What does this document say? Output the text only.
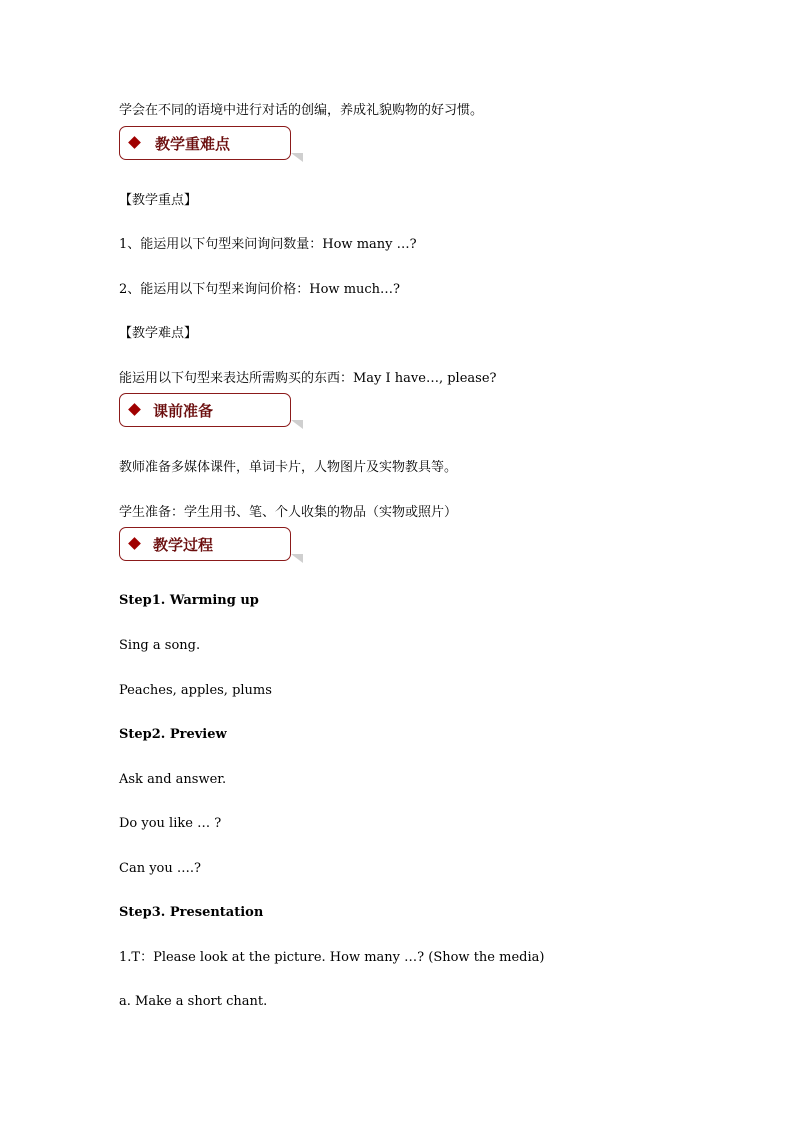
学会在不同的语境中进行对话的创编，养成礼貌购物的好习惯。
教学重难点
【教学重点】
1、能运用以下句型来问询问数量：How many …?
2、能运用以下句型来询问价格：How much…?
【教学难点】
能运用以下句型来表达所需购买的东西：May I have…, please?
课前准备
教师准备多媒体课件，单词卡片，人物图片及实物教具等。
学生准备：学生用书、笔、个人收集的物品（实物或照片）
教学过程
Step1. Warming up
Sing a song.
Peaches, apples, plums
Step2. Preview
Ask and answer.
Do you like … ?
Can you ….?
Step3. Presentation
1.T：Please look at the picture. How many …? (Show the media)
a. Make a short chant.
